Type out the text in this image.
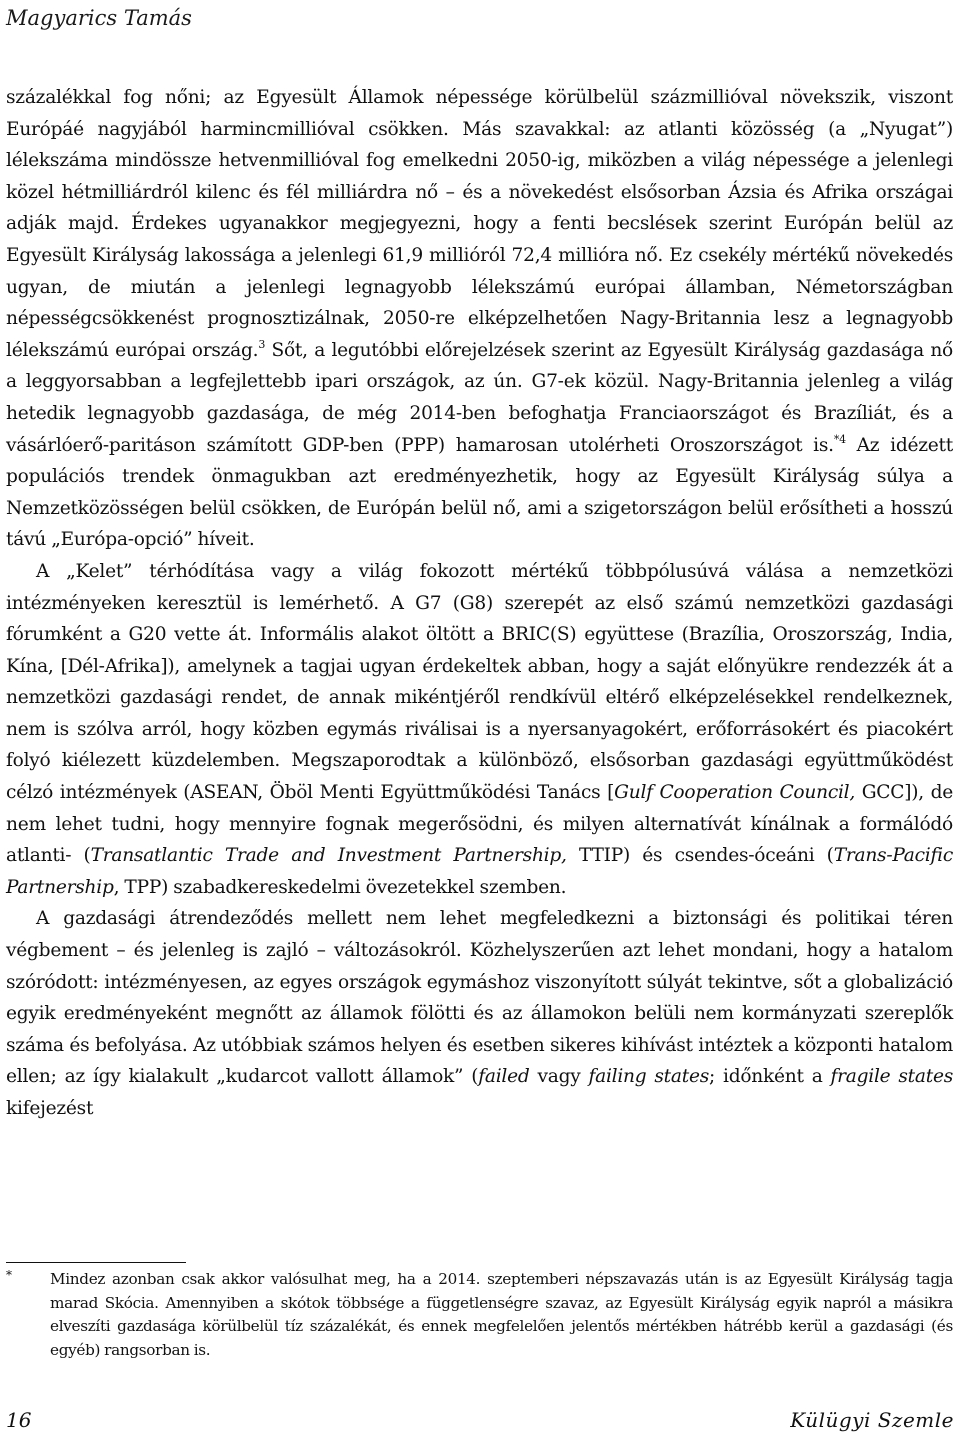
Magyarics Tamás

százalékkal fog nőni; az Egyesült Államok népessége körülbelül százmillióval növekszik, viszont Európáé nagyjából harmincmillióval csökken. Más szavakkal: az atlanti közösség (a „Nyugat”) lélekszáma mindössze hetvenmillióval fog emelkedni 2050-ig, miközben a világ népessége a jelenlegi közel hétmilliárdról kilenc és fél milliárdra nő – és a növekedést elsősorban Ázsia és Afrika országai adják majd. Érdekes ugyanakkor megjegyezni, hogy a fenti becslések szerint Európán belül az Egyesült Királyság lakossága a jelenlegi 61,9 millióról 72,4 millióra nő. Ez csekély mértékű növekedés ugyan, de miután a jelenlegi legnagyobb lélekszámú európai államban, Németországban népességcsökkenést prognosztizálnak, 2050-re elképzelhetően Nagy-Britannia lesz a legnagyobb lélekszámú európai ország.$^3$ Sőt, a legutóbbi előrejelzések szerint az Egyesült Királyság gazdasága nő a leggyorsabban a legfejlettebb ipari országok, az ún. G7-ek közül. Nagy-Britannia jelenleg a világ hetedik legnagyobb gazdasága, de még 2014-ben befoghatja Franciaországot és Brazíliát, és a vásárlóerő-paritáson számított GDP-ben (PPP) hamarosan utolérheti Oroszországot is.$^{*4}$ Az idézett populációs trendek önmagukban azt eredményezhetik, hogy az Egyesült Királyság súlya a Nemzetközösségen belül csökken, de Európán belül nő, ami a szigetországon belül erősítheti a hosszú távú „Európa-opció” híveit.

A „Kelet” térhódítása vagy a világ fokozott mértékű többpólusúvá válása a nemzetközi intézményeken keresztül is lemérhető. A G7 (G8) szerepét az első számú nemzetközi gazdasági fórumként a G20 vette át. Informális alakot öltött a BRIC(S) együttese (Brazília, Oroszország, India, Kína, [Dél-Afrika]), amelynek a tagjai ugyan érdekeltek abban, hogy a saját előnyükre rendezzék át a nemzetközi gazdasági rendet, de annak mikéntjéről rendkívül eltérő elképzelésekkel rendelkeznek, nem is szólva arról, hogy közben egymás riválisai is a nyersanyagokért, erőforrásokért és piacokért folyó kiélezett küzdelemben. Megszaporodtak a különböző, elsősorban gazdasági együttműködést célzó intézmények (ASEAN, Öböl Menti Együttműködési Tanács [Gulf Cooperation Council, GCC]), de nem lehet tudni, hogy mennyire fognak megerősödni, és milyen alternatívát kínálnak a formálódó atlanti- (Transatlantic Trade and Investment Partnership, TTIP) és csendes-óceáni (Trans-Pacific Partnership, TPP) szabadkereskedelmi övezetekkel szemben.

A gazdasági átrendeződés mellett nem lehet megfeledkezni a biztonsági és politikai téren végbement – és jelenleg is zajló – változásokról. Közhelyszerűen azt lehet mondani, hogy a hatalom szóródott: intézményesen, az egyes országok egymáshoz viszonyított súlyát tekintve, sőt a globalizáció egyik eredményeként megnőtt az államok fölötti és az államokon belüli nem kormányzati szereplők száma és befolyása. Az utóbbiak számos helyen és esetben sikeres kihívást intéztek a központi hatalom ellen; az így kialakult „kudarcot vallott államok” (failed vagy failing states; időnként a fragile states kifejezést

*	Mindez azonban csak akkor valósulhat meg, ha a 2014. szeptemberi népszavazás után is az Egyesült Királyság tagja marad Skócia. Amennyiben a skótok többsége a függetlenségre szavaz, az Egyesült Királyság egyik napról a másikra elveszíti gazdasága körülbelül tíz százalékát, és ennek megfelelően jelentős mértékben hátrébb kerül a gazdasági (és egyéb) rangsorban is.
16	Külügyi Szemle
